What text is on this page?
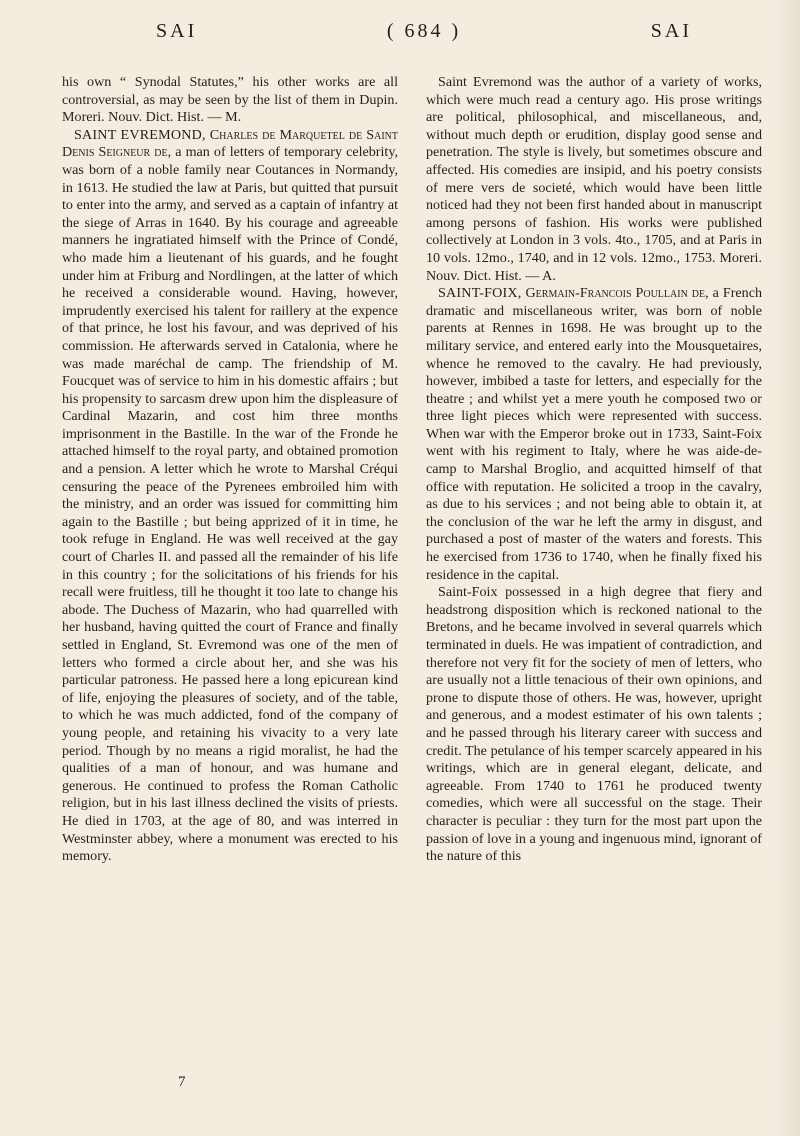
SAI	( 684 )	SAI

his own “ Synodal Statutes,” his other works are all controversial, as may be seen by the list of them in Dupin. Moreri. Nouv. Dict. Hist. — M.

SAINT EVREMOND, Charles de Marquetel de Saint Denis Seigneur de, a man of letters of temporary celebrity, was born of a noble family near Coutances in Normandy, in 1613. He studied the law at Paris, but quitted that pursuit to enter into the army, and served as a captain of infantry at the siege of Arras in 1640. By his courage and agreeable manners he ingratiated himself with the Prince of Condé, who made him a lieutenant of his guards, and he fought under him at Friburg and Nordlingen, at the latter of which he received a considerable wound. Having, however, imprudently exercised his talent for raillery at the expence of that prince, he lost his favour, and was deprived of his commission. He afterwards served in Catalonia, where he was made maréchal de camp. The friendship of M. Foucquet was of service to him in his domestic affairs ; but his propensity to sarcasm drew upon him the displeasure of Cardinal Mazarin, and cost him three months imprisonment in the Bastille. In the war of the Fronde he attached himself to the royal party, and obtained promotion and a pension. A letter which he wrote to Marshal Créqui censuring the peace of the Pyrenees embroiled him with the ministry, and an order was issued for committing him again to the Bastille ; but being apprized of it in time, he took refuge in England. He was well received at the gay court of Charles II. and passed all the remainder of his life in this country ; for the solicitations of his friends for his recall were fruitless, till he thought it too late to change his abode. The Duchess of Mazarin, who had quarrelled with her husband, having quitted the court of France and finally settled in England, St. Evremond was one of the men of letters who formed a circle about her, and she was his particular patroness. He passed here a long epicurean kind of life, enjoying the pleasures of society, and of the table, to which he was much addicted, fond of the company of young people, and retaining his vivacity to a very late period. Though by no means a rigid moralist, he had the qualities of a man of honour, and was humane and generous. He continued to profess the Roman Catholic religion, but in his last illness declined the visits of priests. He died in 1703, at the age of 80, and was interred in Westminster abbey, where a monument was erected to his memory.

Saint Evremond was the author of a variety of works, which were much read a century ago. His prose writings are political, philosophical, and miscellaneous, and, without much depth or erudition, display good sense and penetration. The style is lively, but sometimes obscure and affected. His comedies are insipid, and his poetry consists of mere vers de societé, which would have been little noticed had they not been first handed about in manuscript among persons of fashion. His works were published collectively at London in 3 vols. 4to., 1705, and at Paris in 10 vols. 12mo., 1740, and in 12 vols. 12mo., 1753. Moreri. Nouv. Dict. Hist. — A.

SAINT-FOIX, Germain-Francois Poullain de, a French dramatic and miscellaneous writer, was born of noble parents at Rennes in 1698. He was brought up to the military service, and entered early into the Mousquetaires, whence he removed to the cavalry. He had previously, however, imbibed a taste for letters, and especially for the theatre ; and whilst yet a mere youth he composed two or three light pieces which were represented with success. When war with the Emperor broke out in 1733, Saint-Foix went with his regiment to Italy, where he was aide-de-camp to Marshal Broglio, and acquitted himself of that office with reputation. He solicited a troop in the cavalry, as due to his services ; and not being able to obtain it, at the conclusion of the war he left the army in disgust, and purchased a post of master of the waters and forests. This he exercised from 1736 to 1740, when he finally fixed his residence in the capital.

Saint-Foix possessed in a high degree that fiery and headstrong disposition which is reckoned national to the Bretons, and he became involved in several quarrels which terminated in duels. He was impatient of contradiction, and therefore not very fit for the society of men of letters, who are usually not a little tenacious of their own opinions, and prone to dispute those of others. He was, however, upright and generous, and a modest estimater of his own talents ; and he passed through his literary career with success and credit. The petulance of his temper scarcely appeared in his writings, which are in general elegant, delicate, and agreeable. From 1740 to 1761 he produced twenty comedies, which were all successful on the stage. Their character is peculiar : they turn for the most part upon the passion of love in a young and ingenuous mind, ignorant of the nature of this

7
